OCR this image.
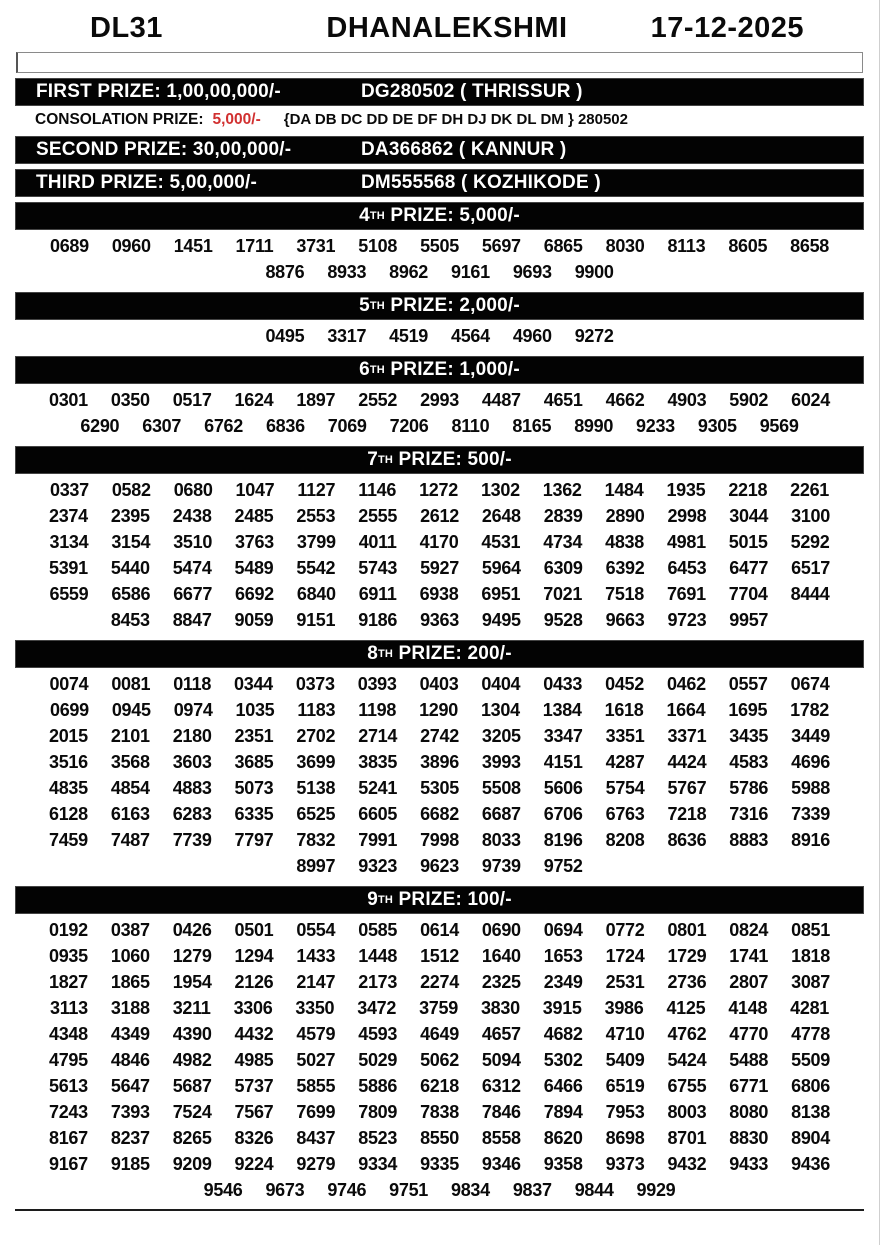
DL31	DHANALEKSHMI	17-12-2025
FIRST PRIZE: 1,00,00,000/-	DG280502 ( THRISSUR )
CONSOLATION PRIZE: 5,000/- {DA DB DC DD DE DF DH DJ DK DL DM } 280502
SECOND PRIZE: 30,00,000/-	DA366862 ( KANNUR )
THIRD PRIZE: 5,00,000/-	DM555568 ( KOZHIKODE )
4 TH PRIZE: 5,000/-
0689 0960 1451 1711 3731 5108 5505 5697 6865 8030 8113 8605 8658
8876 8933 8962 9161 9693 9900
5 TH PRIZE: 2,000/-
0495 3317 4519 4564 4960 9272
6 TH PRIZE: 1,000/-
0301 0350 0517 1624 1897 2552 2993 4487 4651 4662 4903 5902 6024
6290 6307 6762 6836 7069 7206 8110 8165 8990 9233 9305 9569
7 TH PRIZE: 500/-
0337 0582 0680 1047 1127 1146 1272 1302 1362 1484 1935 2218 2261
2374 2395 2438 2485 2553 2555 2612 2648 2839 2890 2998 3044 3100
3134 3154 3510 3763 3799 4011 4170 4531 4734 4838 4981 5015 5292
5391 5440 5474 5489 5542 5743 5927 5964 6309 6392 6453 6477 6517
6559 6586 6677 6692 6840 6911 6938 6951 7021 7518 7691 7704 8444
8453 8847 9059 9151 9186 9363 9495 9528 9663 9723 9957
8 TH PRIZE: 200/-
0074 0081 0118 0344 0373 0393 0403 0404 0433 0452 0462 0557 0674
0699 0945 0974 1035 1183 1198 1290 1304 1384 1618 1664 1695 1782
2015 2101 2180 2351 2702 2714 2742 3205 3347 3351 3371 3435 3449
3516 3568 3603 3685 3699 3835 3896 3993 4151 4287 4424 4583 4696
4835 4854 4883 5073 5138 5241 5305 5508 5606 5754 5767 5786 5988
6128 6163 6283 6335 6525 6605 6682 6687 6706 6763 7218 7316 7339
7459 7487 7739 7797 7832 7991 7998 8033 8196 8208 8636 8883 8916
8997 9323 9623 9739 9752
9 TH PRIZE: 100/-
0192 0387 0426 0501 0554 0585 0614 0690 0694 0772 0801 0824 0851
0935 1060 1279 1294 1433 1448 1512 1640 1653 1724 1729 1741 1818
1827 1865 1954 2126 2147 2173 2274 2325 2349 2531 2736 2807 3087
3113 3188 3211 3306 3350 3472 3759 3830 3915 3986 4125 4148 4281
4348 4349 4390 4432 4579 4593 4649 4657 4682 4710 4762 4770 4778
4795 4846 4982 4985 5027 5029 5062 5094 5302 5409 5424 5488 5509
5613 5647 5687 5737 5855 5886 6218 6312 6466 6519 6755 6771 6806
7243 7393 7524 7567 7699 7809 7838 7846 7894 7953 8003 8080 8138
8167 8237 8265 8326 8437 8523 8550 8558 8620 8698 8701 8830 8904
9167 9185 9209 9224 9279 9334 9335 9346 9358 9373 9432 9433 9436
9546 9673 9746 9751 9834 9837 9844 9929
